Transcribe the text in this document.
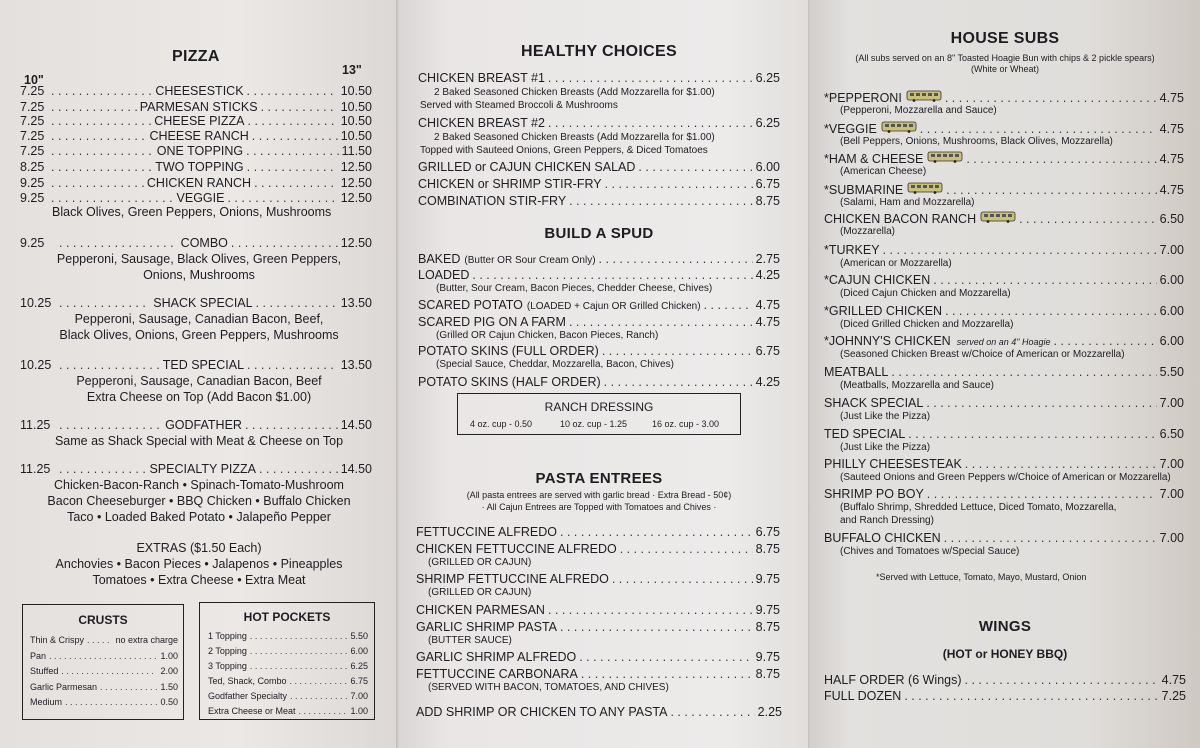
PIZZA
10"
13"
7.25 . . .	CHEESESTICK . . .	10.50
7.25 . . .	PARMESAN STICKS . . .	10.50
7.25 . . .	CHEESE PIZZA . . .	10.50
7.25 . . .	CHEESE RANCH . . .	10.50
7.25 . . .	ONE TOPPING . . .	11.50
8.25 . . .	TWO TOPPING . . .	12.50
9.25 . . .	CHICKEN RANCH . . .	12.50
9.25 . . .	VEGGIE . . .	12.50
Black Olives, Green Peppers, Onions, Mushrooms
9.25 . . .	COMBO . . .	12.50
Pepperoni, Sausage, Black Olives, Green Peppers,
Onions, Mushrooms
10.25 . . .	SHACK SPECIAL . . .	13.50
Pepperoni, Sausage, Canadian Bacon, Beef,
Black Olives, Onions, Green Peppers, Mushrooms
10.25 . . .	TED SPECIAL . . .	13.50
Pepperoni, Sausage, Canadian Bacon, Beef
Extra Cheese on Top (Add Bacon $1.00)
11.25 . . .	GODFATHER . . .	14.50
Same as Shack Special with Meat & Cheese on Top
11.25 . . .	SPECIALTY PIZZA . . .	14.50
Chicken-Bacon-Ranch • Spinach-Tomato-Mushroom
Bacon Cheeseburger • BBQ Chicken • Buffalo Chicken
Taco • Loaded Baked Potato • Jalapeño Pepper
EXTRAS ($1.50 Each)
Anchovies • Bacon Pieces • Jalapenos • Pineapples
Tomatoes • Extra Cheese • Extra Meat
CRUSTS
Thin & Crispy . . .	no extra charge
Pan . . .	1.00
Stuffed . . .	2.00
Garlic Parmesan . . .	1.50
Medium . . .	0.50
HOT POCKETS
1 Topping . . .	5.50
2 Topping . . .	6.00
3 Topping . . .	6.25
Ted, Shack, Combo . . .	6.75
Godfather Specialty . . .	7.00
Extra Cheese or Meat . . .	1.00
HEALTHY CHOICES
CHICKEN BREAST #1 . . .	6.25
2 Baked Seasoned Chicken Breasts (Add Mozzarella for $1.00)
Served with Steamed Broccoli & Mushrooms
CHICKEN BREAST #2 . . .	6.25
2 Baked Seasoned Chicken Breasts (Add Mozzarella for $1.00)
Topped with Sauteed Onions, Green Peppers, & Diced Tomatoes
GRILLED or CAJUN CHICKEN SALAD . . .	6.00
CHICKEN or SHRIMP STIR-FRY . . .	6.75
COMBINATION STIR-FRY . . .	8.75
BUILD A SPUD
BAKED (Butter OR Sour Cream Only) . . .	2.75
LOADED . . .	4.25
(Butter, Sour Cream, Bacon Pieces, Chedder Cheese, Chives)
SCARED POTATO (LOADED + Cajun OR Grilled Chicken) . . .	4.75
SCARED PIG ON A FARM . . .	4.75
(Grilled OR Cajun Chicken, Bacon Pieces, Ranch)
POTATO SKINS (FULL ORDER) . . .	6.75
(Special Sauce, Cheddar, Mozzarella, Bacon, Chives)
POTATO SKINS (HALF ORDER) . . .	4.25
RANCH DRESSING
4 oz. cup - 0.50	10 oz. cup - 1.25	16 oz. cup - 3.00
PASTA ENTREES
(All pasta entrees are served with garlic bread · Extra Bread - 50¢)
· All Cajun Entrees are Topped with Tomatoes and Chives ·
FETTUCCINE ALFREDO . . .	6.75
CHICKEN FETTUCCINE ALFREDO . . .	8.75
(GRILLED OR CAJUN)
SHRIMP FETTUCCINE ALFREDO . . .	9.75
(GRILLED OR CAJUN)
CHICKEN PARMESAN . . .	9.75
GARLIC SHRIMP PASTA . . .	8.75
(BUTTER SAUCE)
GARLIC SHRIMP ALFREDO . . .	9.75
FETTUCCINE CARBONARA . . .	8.75
(SERVED WITH BACON, TOMATOES, AND CHIVES)
ADD SHRIMP OR CHICKEN TO ANY PASTA . . .	2.25
HOUSE SUBS
(All subs served on an 8" Toasted Hoagie Bun with chips & 2 pickle spears)
(White or Wheat)
*PEPPERONI . . .	4.75
(Pepperoni, Mozzarella and Sauce)
*VEGGIE . . .	4.75
(Bell Peppers, Onions, Mushrooms, Black Olives, Mozzarella)
*HAM & CHEESE . . .	4.75
(American Cheese)
*SUBMARINE . . .	4.75
(Salami, Ham and Mozzarella)
CHICKEN BACON RANCH . . .	6.50
(Mozzarella)
*TURKEY . . .	7.00
(American or Mozzarella)
*CAJUN CHICKEN . . .	6.00
(Diced Cajun Chicken and Mozzarella)
*GRILLED CHICKEN . . .	6.00
(Diced Grilled Chicken and Mozzarella)
*JOHNNY'S CHICKEN served on an 4" Hoagie . . .	6.00
(Seasoned Chicken Breast w/Choice of American or Mozzarella)
MEATBALL . . .	5.50
(Meatballs, Mozzarella and Sauce)
SHACK SPECIAL . . .	7.00
(Just Like the Pizza)
TED SPECIAL . . .	6.50
(Just Like the Pizza)
PHILLY CHEESESTEAK . . .	7.00
(Sauteed Onions and Green Peppers w/Choice of American or Mozzarella)
SHRIMP PO BOY . . .	7.00
(Buffalo Shrimp, Shredded Lettuce, Diced Tomato, Mozzarella,
and Ranch Dressing)
BUFFALO CHICKEN . . .	7.00
(Chives and Tomatoes w/Special Sauce)
*Served with Lettuce, Tomato, Mayo, Mustard, Onion
WINGS
(HOT or HONEY BBQ)
HALF ORDER (6 Wings) . . .	4.75
FULL DOZEN . . .	7.25
